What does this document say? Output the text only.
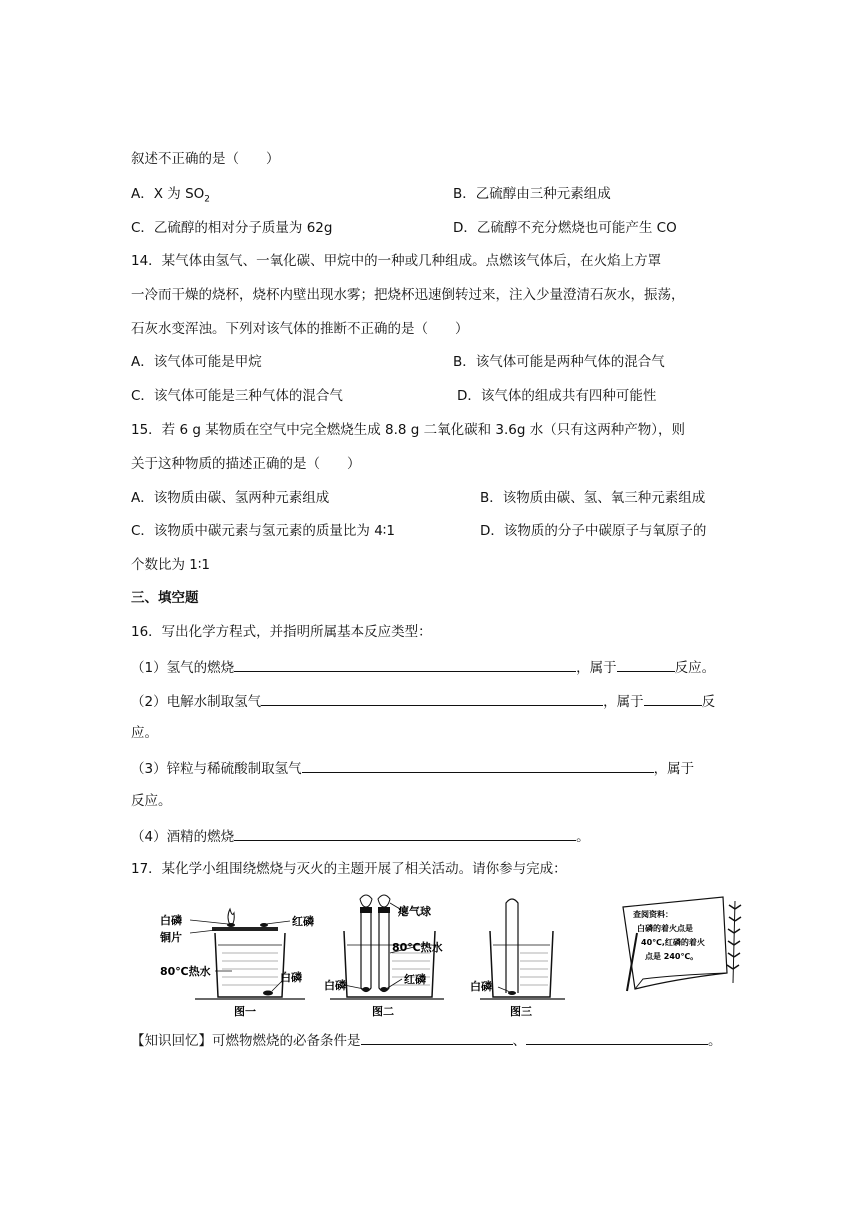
叙述不正确的是（　　）
A．X 为 $SO_2$	B．乙硫醇由三种元素组成
C．乙硫醇的相对分子质量为 62g	D．乙硫醇不充分燃烧也可能产生 CO
14．某气体由氢气、一氧化碳、甲烷中的一种或几种组成。点燃该气体后，在火焰上方罩
一冷而干燥的烧杯，烧杯内壁出现水雾；把烧杯迅速倒转过来，注入少量澄清石灰水，振荡，
石灰水变浑浊。下列对该气体的推断不正确的是（　　）
A．该气体可能是甲烷	B．该气体可能是两种气体的混合气
C．该气体可能是三种气体的混合气	D．该气体的组成共有四种可能性
15．若 6 g 某物质在空气中完全燃烧生成 8.8 g 二氧化碳和 3.6g 水（只有这两种产物），则
关于这种物质的描述正确的是（　　）
A．该物质由碳、氢两种元素组成	B．该物质由碳、氢、氧三种元素组成
C．该物质中碳元素与氢元素的质量比为 4∶1	D．该物质的分子中碳原子与氧原子的
个数比为 1∶1
三、填空题
16．写出化学方程式，并指明所属基本反应类型：
（1）氢气的燃烧	，属于	反应。
（2）电解水制取氢气	，属于	反
应。
（3）锌粒与稀硫酸制取氢气	，属于
反应。
（4）酒精的燃烧	。
17．某化学小组围绕燃烧与灭火的主题开展了相关活动。请你参与完成：
白磷	红磷
铜片
80℃热水	白磷
图一
瘪气球
80℃热水
白磷	红磷
图二
白磷
图三
查阅资料：
白磷的着火点是
40℃,红磷的着火
点是 240℃。
【知识回忆】可燃物燃烧的必备条件是	、	。
